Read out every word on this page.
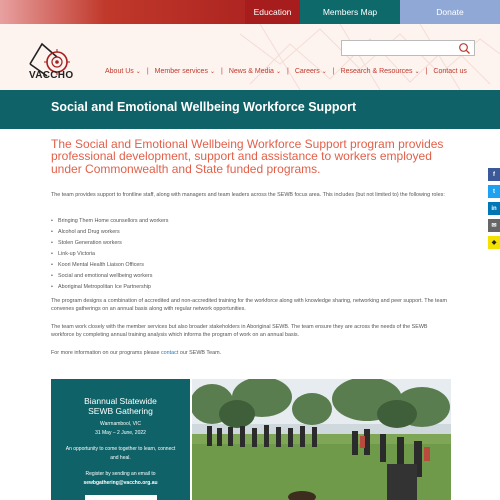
Education	Members Map	Donate
VACCHO	About Us ⌄ | Member services ⌄ | News & Media ⌄ | Careers ⌄ | Research & Resources ⌄ | Contact us
Social and Emotional Wellbeing Workforce Support

The Social and Emotional Wellbeing Workforce Support program provides professional development, support and assistance to workers employed under Commonwealth and State funded programs.

The team provides support to frontline staff, along with managers and team leaders across the SEWB focus area. This includes (but not limited to) the following roles:

• Bringing Them Home counsellors and workers
• Alcohol and Drug workers
• Stolen Generation workers
• Link-up Victoria
• Koori Mental Health Liaison Officers
• Social and emotional wellbeing workers
• Aboriginal Metropolitan Ice Partnership

The program designs a combination of accredited and non-accredited training for the workforce along with knowledge sharing, networking and peer support. The team convenes gatherings on an annual basis along with regular network opportunities.

The team work closely with the member services but also broader stakeholders in Aboriginal SEWB. The team ensure they are across the needs of the SEWB workforce by completing annual training analysis which informs the program of work on an annual basis.

For more information on our programs please contact our SEWB Team.

Biannual Statewide
SEWB Gathering
Warrnambool, VIC
31 May – 2 June, 2022
An opportunity to come together to learn, connect and heal.
Register by sending an email to
sewbgathering@vaccho.org.au
f
t
in
✉
◆
